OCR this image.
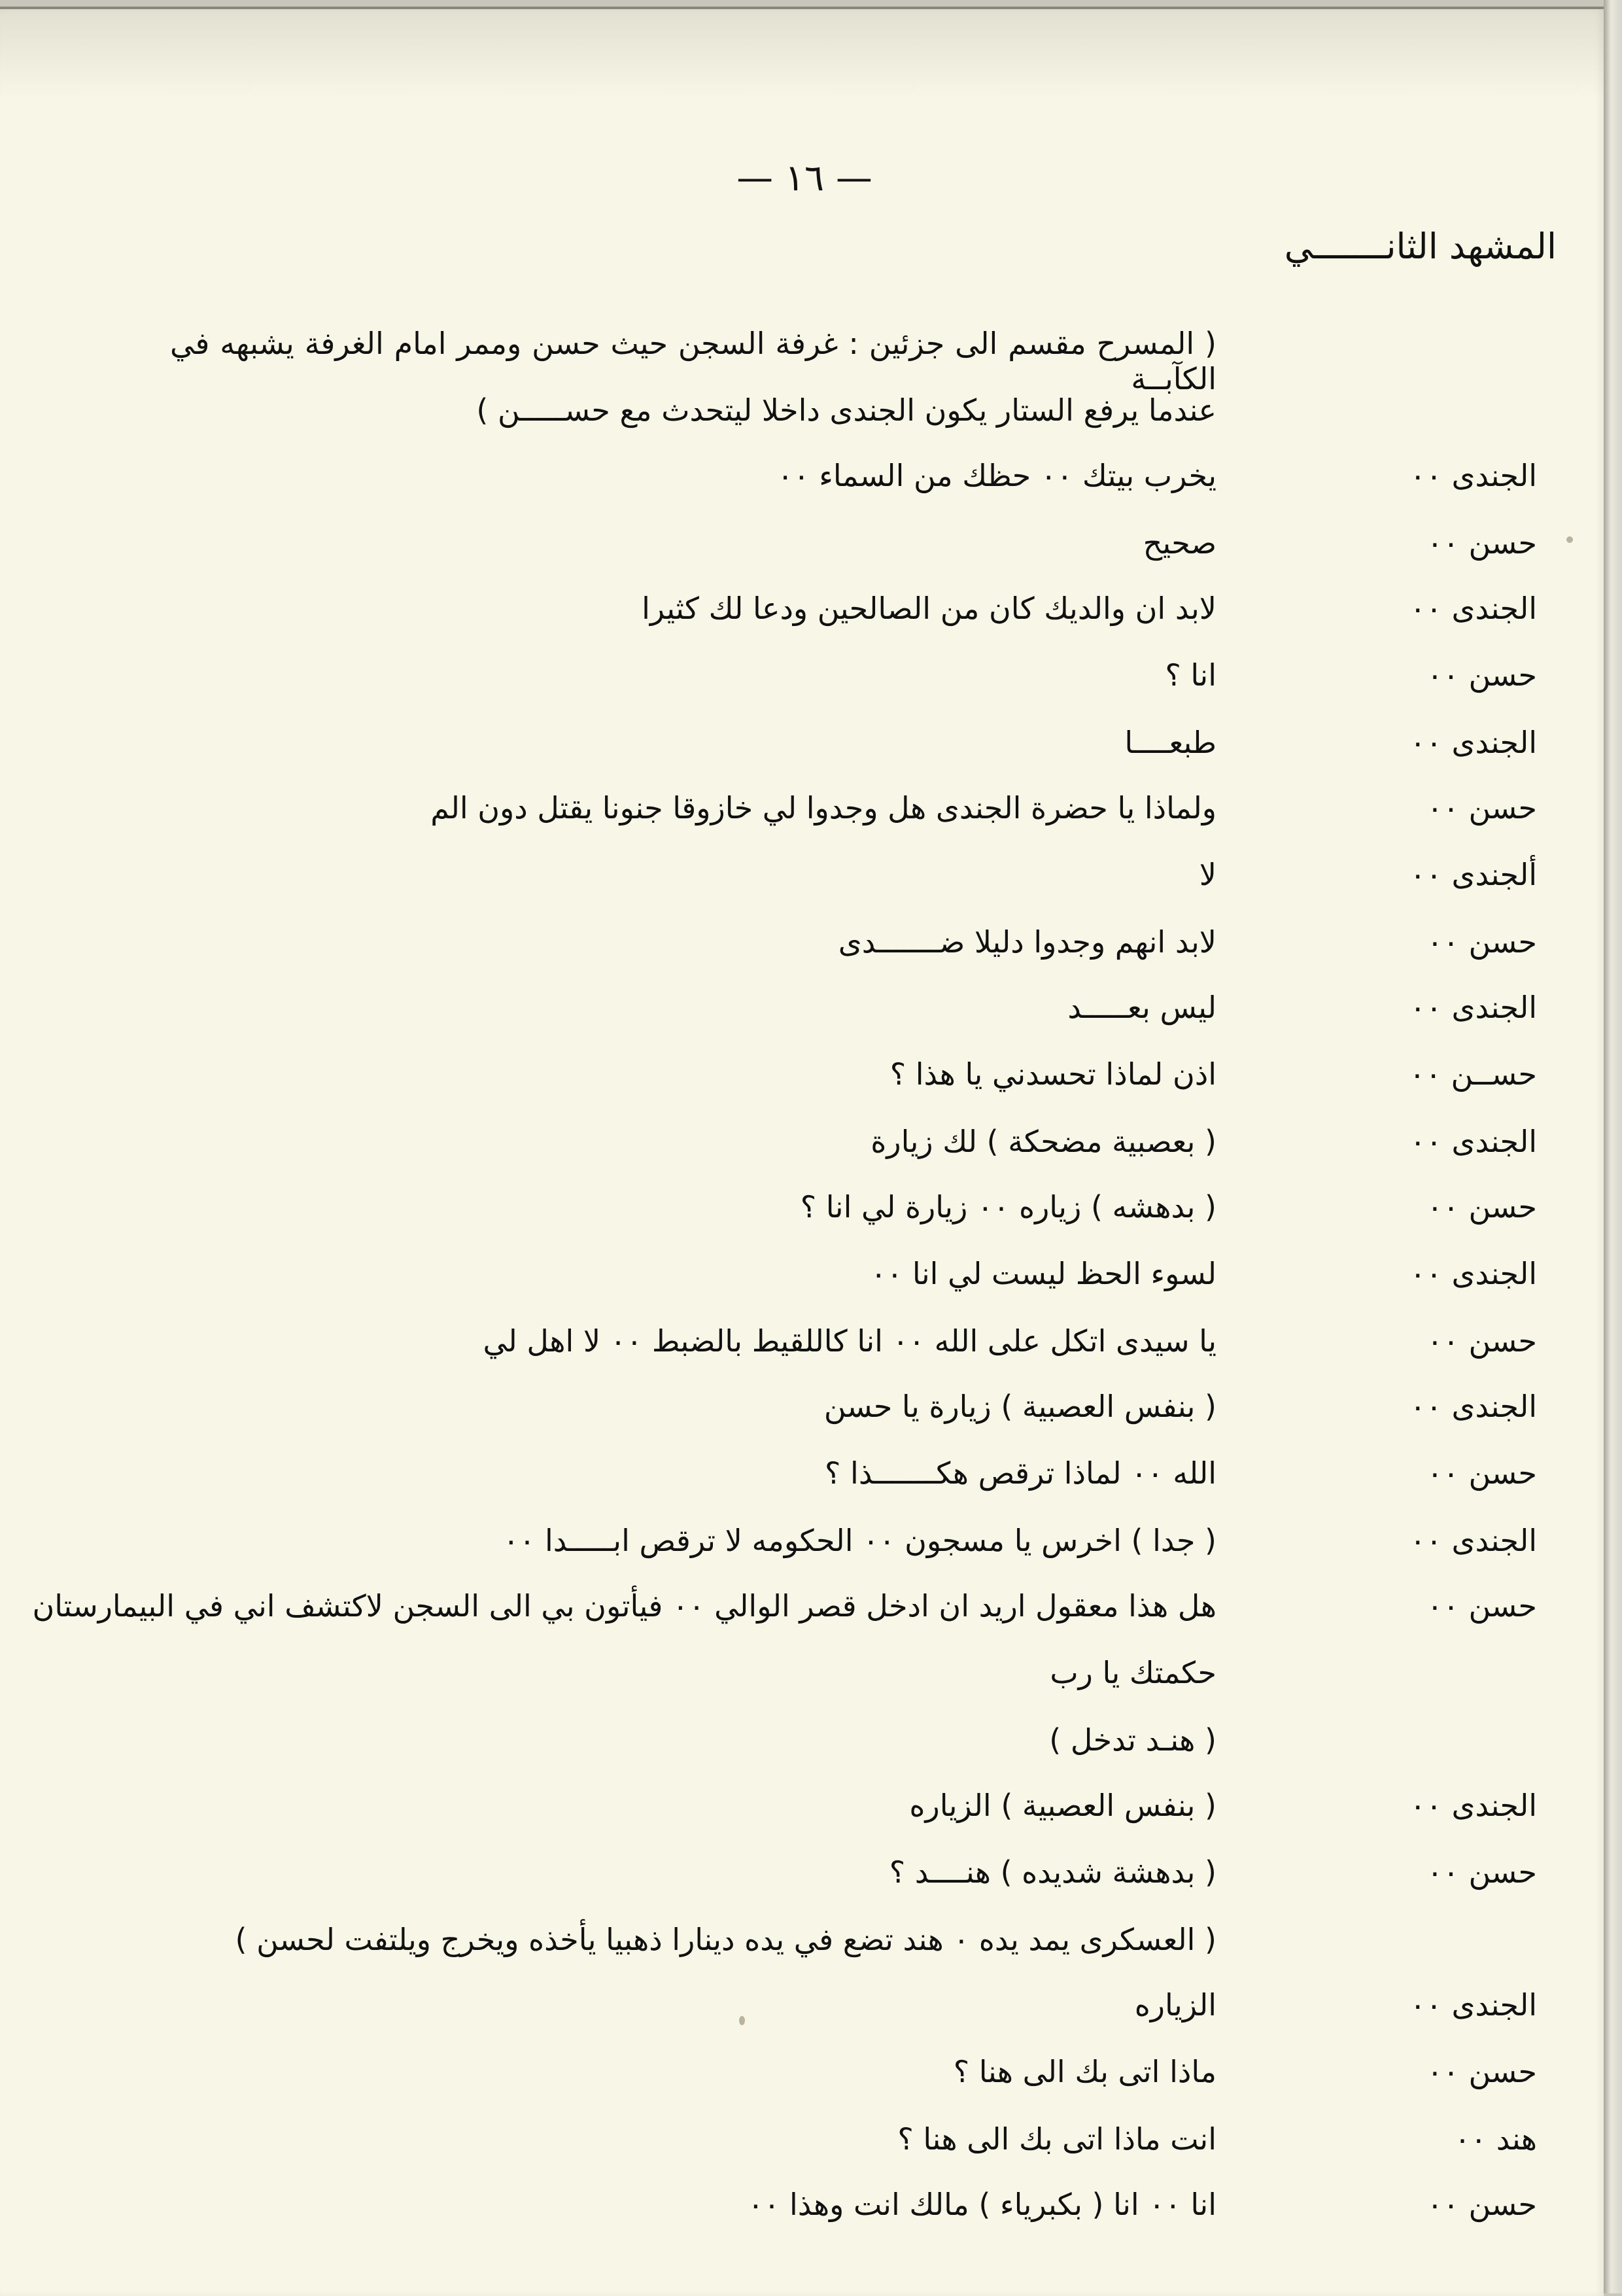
— ١٦ —
المشهد الثانـــــــي
( المسرح مقسم الى جزئين : غرفة السجن حيث حسن وممر امام الغرفة يشبهه في الكآبــة
عندما يرفع الستار يكون الجندى داخلا ليتحدث مع حســـــن )
الجندى ٠٠
يخرب بيتك ٠٠ حظك من السماء ٠٠
حسن ٠٠
صحيح
الجندى ٠٠
لابد ان والديك كان من الصالحين ودعا لك كثيرا
حسن ٠٠
انا ؟
الجندى ٠٠
طبعــــا
حسن ٠٠
ولماذا يا حضرة الجندى هل وجدوا لي خازوقا جنونا يقتل دون الم
ألجندى ٠٠
لا
حسن ٠٠
لابد انهم وجدوا دليلا ضـــــــدى
الجندى ٠٠
ليس بعـــــد
حســن ٠٠
اذن لماذا تحسدني يا هذا ؟
الجندى ٠٠
( بعصبية مضحكة ) لك زيارة
حسن ٠٠
( بدهشه ) زياره ٠٠ زيارة لي انا ؟
الجندى ٠٠
لسوء الحظ ليست لي انا ٠٠
حسن ٠٠
يا سيدى اتكل على الله ٠٠ انا كاللقيط بالضبط ٠٠ لا اهل لي
الجندى ٠٠
( بنفس العصبية ) زيارة يا حسن
حسن ٠٠
الله ٠٠ لماذا ترقص هكـــــــذا ؟
الجندى ٠٠
( جدا ) اخرس يا مسجون ٠٠ الحكومه لا ترقص ابـــــدا ٠٠
حسن ٠٠
هل هذا معقول اريد ان ادخل قصر الوالي ٠٠ فيأتون بي الى السجن لاكتشف اني في البيمارستان
حكمتك يا رب
( هنـد تدخل )
الجندى ٠٠
( بنفس العصبية ) الزياره
حسن ٠٠
( بدهشة شديده ) هنــــد ؟
( العسكرى يمد يده ٠ هند تضع في يده دينارا ذهبيا يأخذه ويخرج ويلتفت لحسن )
الجندى ٠٠
الزياره
حسن ٠٠
ماذا اتى بك الى هنا ؟
هند ٠٠
انت ماذا اتى بك الى هنا ؟
حسن ٠٠
انا ٠٠ انا ( بكبرياء ) مالك انت وهذا ٠٠
